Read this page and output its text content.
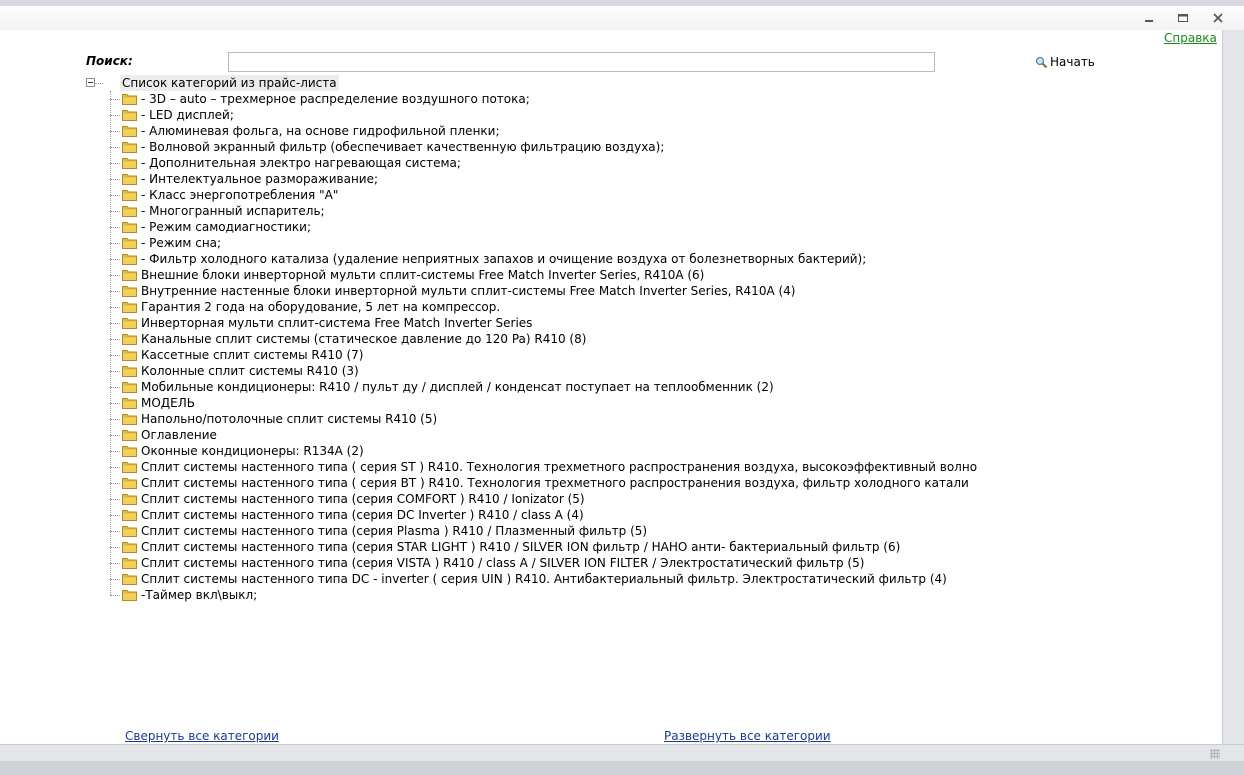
Справка
Поиск:	Начать
Список категорий из прайс-листа
- 3D – auto – трехмерное распределение воздушного потока;
- LED дисплей;
- Алюминевая фольга, на основе гидрофильной пленки;
- Волновой экранный фильтр (обеспечивает качественную фильтрацию воздуха);
- Дополнительная электро нагревающая система;
- Интелектуальное размораживание;
- Класс энергопотребления "А"
- Многогранный испаритель;
- Режим самодиагностики;
- Режим сна;
- Фильтр холодного катализа (удаление неприятных запахов и очищение воздуха от болезнетворных бактерий);
Внешние блоки инверторной мульти сплит-системы Free Match Inverter Series, R410A (6)
Внутренние настенные блоки инверторной мульти сплит-системы Free Match Inverter Series, R410A (4)
Гарантия 2 года на оборудование, 5 лет на компрессор.
Инверторная мульти сплит-система Free Match Inverter Series
Канальные сплит системы (статическое давление до 120 Pa) R410 (8)
Кассетные сплит системы R410 (7)
Колонные сплит системы R410 (3)
Мобильные кондиционеры: R410 / пульт ду / дисплей / конденсат поступает на теплообменник (2)
МОДЕЛЬ
Напольно/потолочные сплит системы R410 (5)
Оглавление
Оконные кондиционеры: R134A (2)
Сплит системы настенного типа ( серия ST ) R410. Технология трехметного распространения воздуха, высокоэффективный волно
Сплит системы настенного типа ( серия BT ) R410. Технология трехметного распространения воздуха, фильтр холодного катали
Сплит системы настенного типа (серия COMFORT ) R410 / Ionizator (5)
Сплит системы настенного типа (серия DC Inverter ) R410 / class A (4)
Сплит системы настенного типа (серия Plasma ) R410 / Плазменный фильтр (5)
Сплит системы настенного типа (серия STAR LIGHT ) R410 / SILVER ION фильтр / НАНО анти- бактериальный фильтр (6)
Сплит системы настенного типа (серия VISTA ) R410 / class A / SILVER ION FILTER / Электростатический фильтр (5)
Сплит системы настенного типа DC - inverter ( серия UIN ) R410. Антибактериальный фильтр. Электростатический фильтр (4)
-Таймер вкл\выкл;
Свернуть все категории	Развернуть все категории
